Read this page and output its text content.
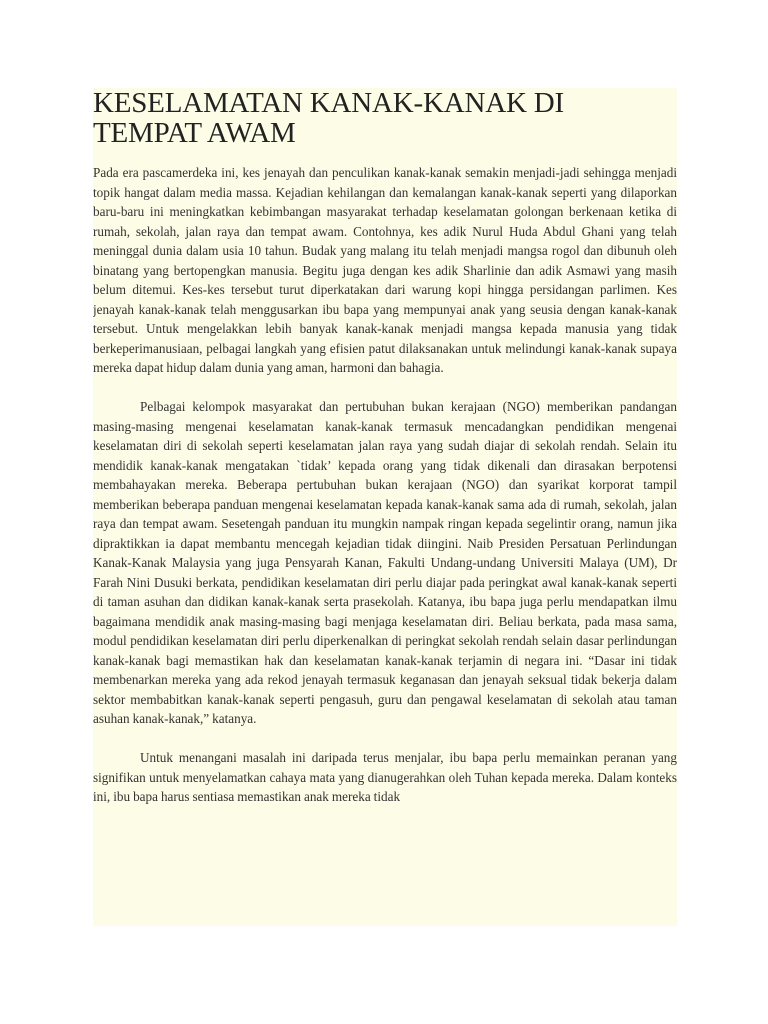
KESELAMATAN KANAK-KANAK DI
TEMPAT AWAM

Pada era pascamerdeka ini, kes jenayah dan penculikan kanak-kanak semakin menjadi-jadi sehingga menjadi topik hangat dalam media massa. Kejadian kehilangan dan kemalangan kanak-kanak seperti yang dilaporkan baru-baru ini meningkatkan kebimbangan masyarakat terhadap keselamatan golongan berkenaan ketika di rumah, sekolah, jalan raya dan tempat awam. Contohnya, kes adik Nurul Huda Abdul Ghani yang telah meninggal dunia dalam usia 10 tahun. Budak yang malang itu telah menjadi mangsa rogol dan dibunuh oleh binatang yang bertopengkan manusia. Begitu juga dengan kes adik Sharlinie dan adik Asmawi yang masih belum ditemui. Kes-kes tersebut turut diperkatakan dari warung kopi hingga persidangan parlimen. Kes jenayah kanak-kanak telah menggusarkan ibu bapa yang mempunyai anak yang seusia dengan kanak-kanak tersebut. Untuk mengelakkan lebih banyak kanak-kanak menjadi mangsa kepada manusia yang tidak berkeperimanusiaan, pelbagai langkah yang efisien patut dilaksanakan untuk melindungi kanak-kanak supaya mereka dapat hidup dalam dunia yang aman, harmoni dan bahagia.

Pelbagai kelompok masyarakat dan pertubuhan bukan kerajaan (NGO) memberikan pandangan masing-masing mengenai keselamatan kanak-kanak termasuk mencadangkan pendidikan mengenai keselamatan diri di sekolah seperti keselamatan jalan raya yang sudah diajar di sekolah rendah. Selain itu mendidik kanak-kanak mengatakan `tidak’ kepada orang yang tidak dikenali dan dirasakan berpotensi membahayakan mereka. Beberapa pertubuhan bukan kerajaan (NGO) dan syarikat korporat tampil memberikan beberapa panduan mengenai keselamatan kepada kanak-kanak sama ada di rumah, sekolah, jalan raya dan tempat awam. Sesetengah panduan itu mungkin nampak ringan kepada segelintir orang, namun jika dipraktikkan ia dapat membantu mencegah kejadian tidak diingini. Naib Presiden Persatuan Perlindungan Kanak-Kanak Malaysia yang juga Pensyarah Kanan, Fakulti Undang-undang Universiti Malaya (UM), Dr Farah Nini Dusuki berkata, pendidikan keselamatan diri perlu diajar pada peringkat awal kanak-kanak seperti di taman asuhan dan didikan kanak-kanak serta prasekolah. Katanya, ibu bapa juga perlu mendapatkan ilmu bagaimana mendidik anak masing-masing bagi menjaga keselamatan diri. Beliau berkata, pada masa sama, modul pendidikan keselamatan diri perlu diperkenalkan di peringkat sekolah rendah selain dasar perlindungan kanak-kanak bagi memastikan hak dan keselamatan kanak-kanak terjamin di negara ini. “Dasar ini tidak membenarkan mereka yang ada rekod jenayah termasuk keganasan dan jenayah seksual tidak bekerja dalam sektor membabitkan kanak-kanak seperti pengasuh, guru dan pengawal keselamatan di sekolah atau taman asuhan kanak-kanak,” katanya.

Untuk menangani masalah ini daripada terus menjalar, ibu bapa perlu memainkan peranan yang signifikan untuk menyelamatkan cahaya mata yang dianugerahkan oleh Tuhan kepada mereka. Dalam konteks ini, ibu bapa harus sentiasa memastikan anak mereka tidak
